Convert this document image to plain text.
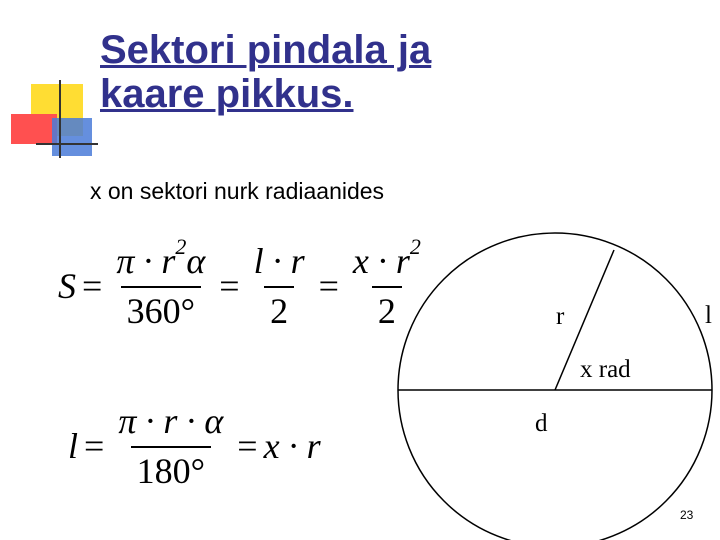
Sektori pindala ja
kaare pikkus.
x on sektori nurk radiaanides
$S = \frac{\pi \cdot r^2\alpha}{360^\circ} = \frac{l \cdot r}{2} = \frac{x \cdot r^2}{2}$
$l = \frac{\pi \cdot r \cdot \alpha}{180^\circ} = x \cdot r$
r	l
x rad
d
23
